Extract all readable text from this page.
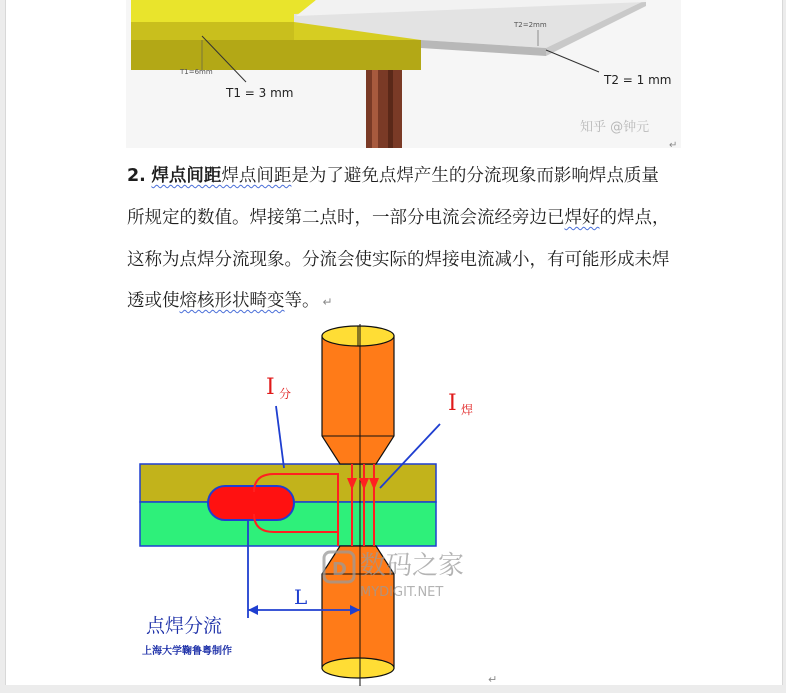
T2=2mm
T1=6mm
T1 = 3 mm
T2 = 1 mm
知乎 @钟元
↵
2. 焊点间距焊点间距是为了避免点焊产生的分流现象而影响焊点质量
所规定的数值。焊接第二点时，一部分电流会流经旁边已焊好的焊点，
这称为点焊分流现象。分流会使实际的焊接电流减小，有可能形成未焊
透或使熔核形状畸变等。 ↵
I 分	I 焊
L
点焊分流
上海大学鞠鲁粤制作
D 数码之家
MYDIGIT.NET
↵
